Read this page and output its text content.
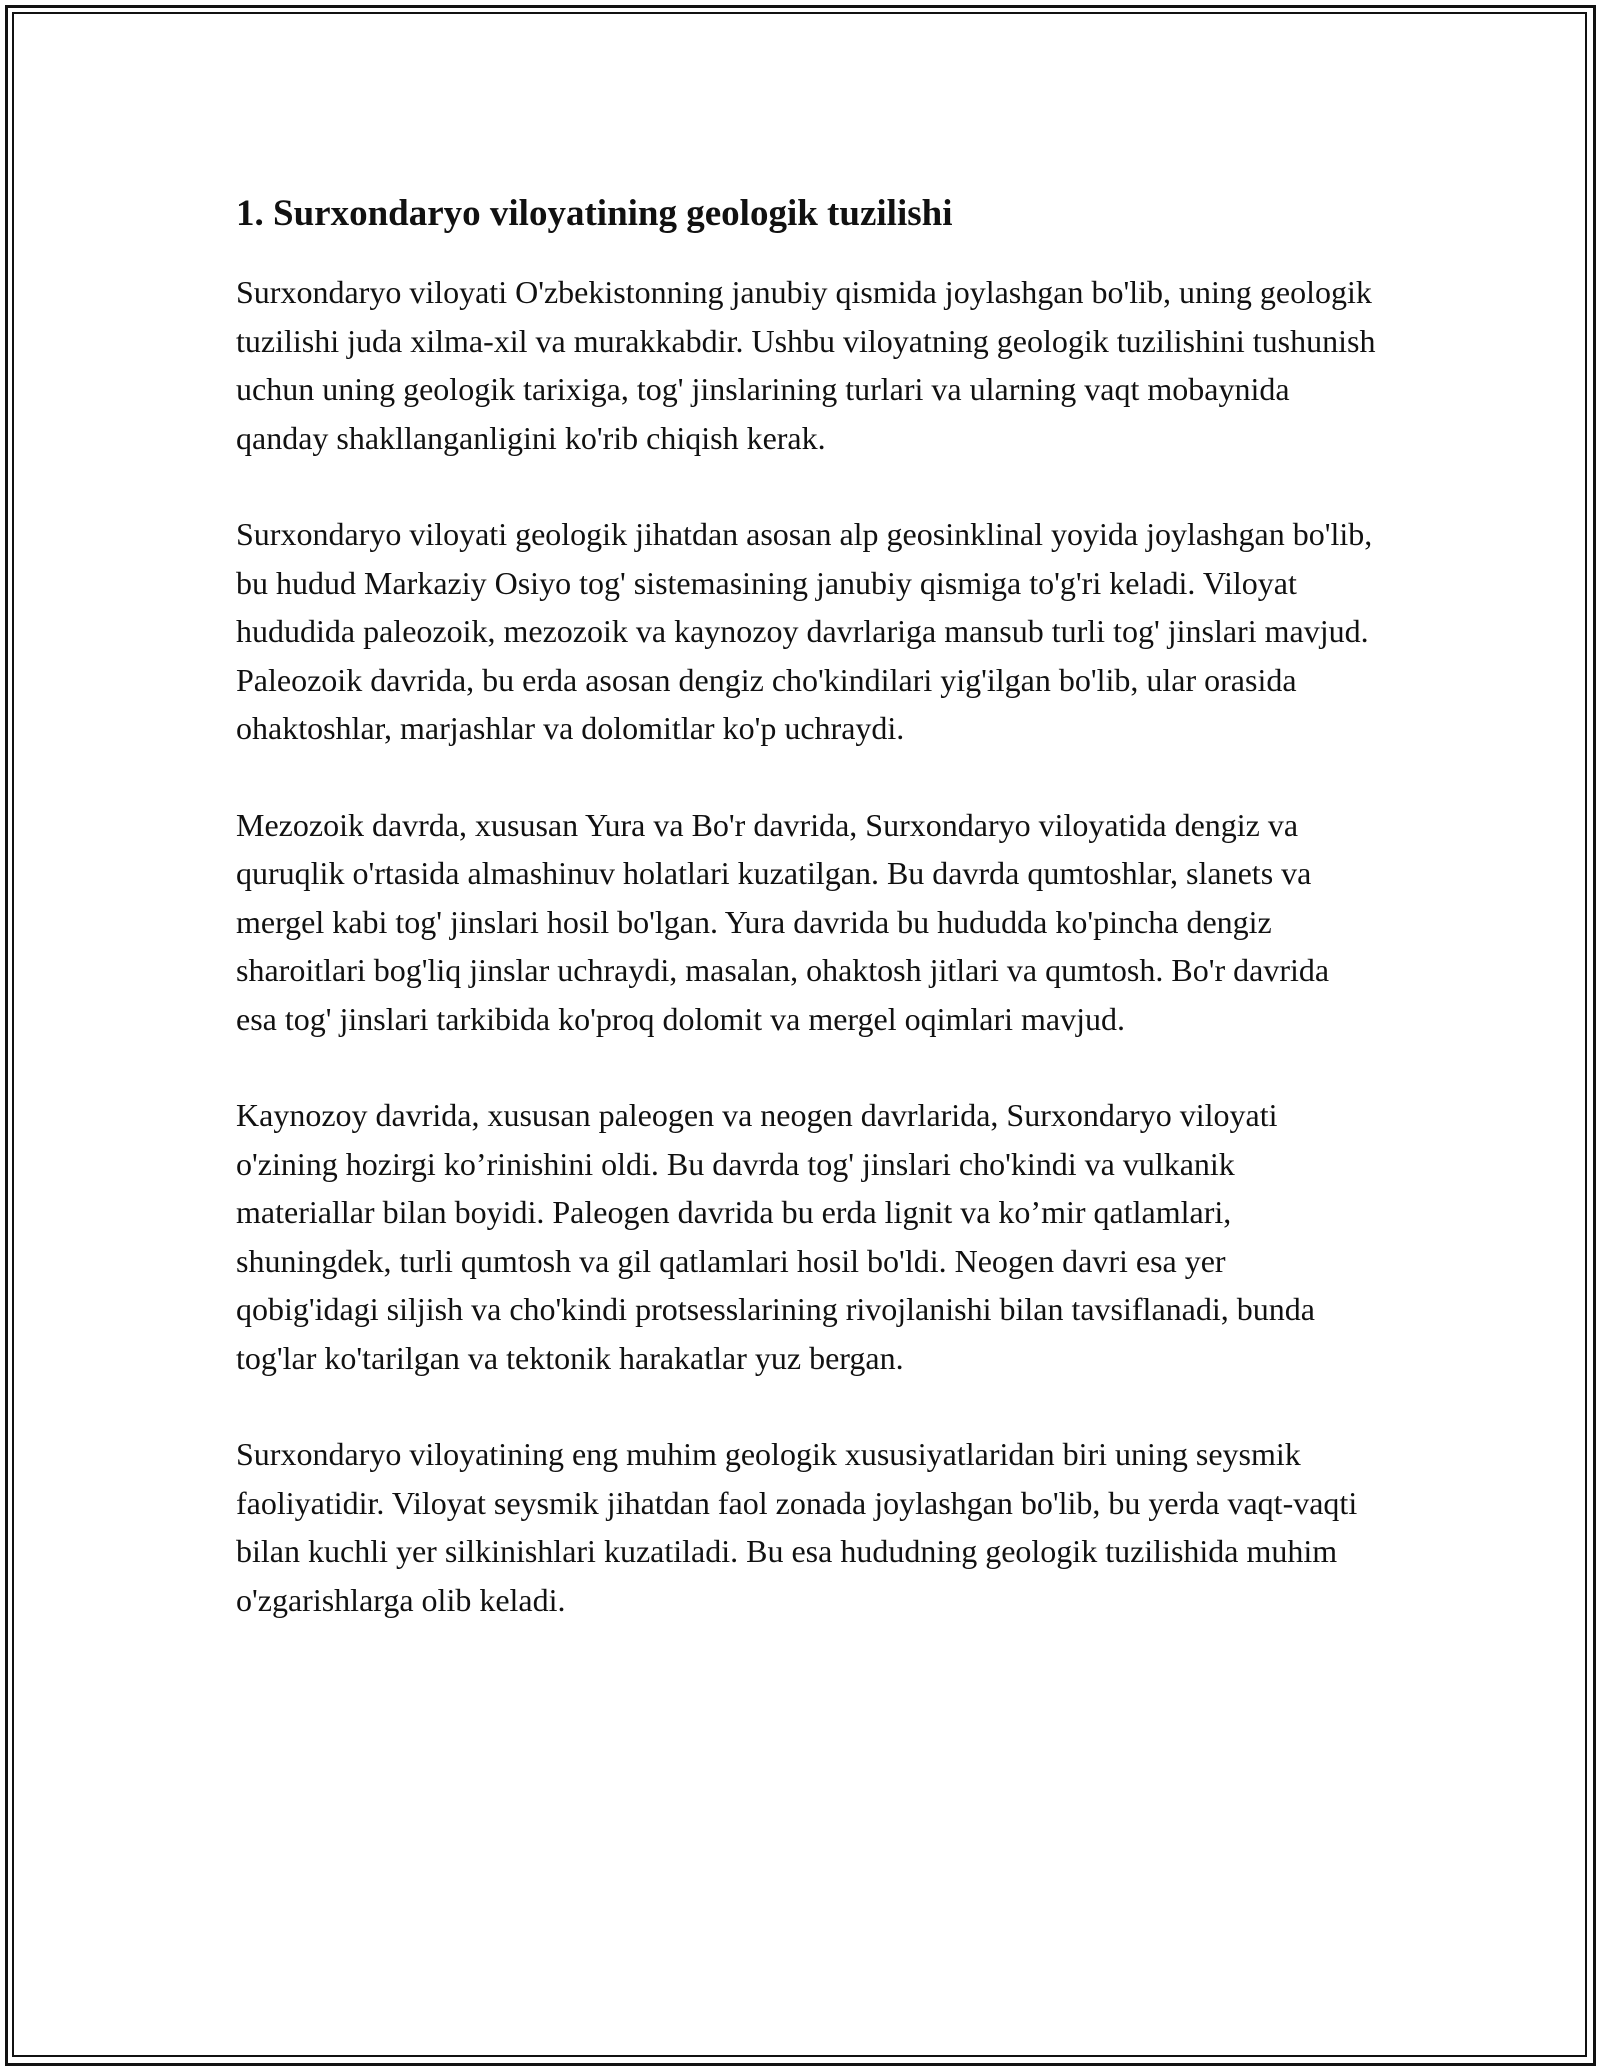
1. Surxondaryo viloyatining geologik tuzilishi

Surxondaryo viloyati O'zbekistonning janubiy qismida joylashgan bo'lib, uning geologik tuzilishi juda xilma-xil va murakkabdir. Ushbu viloyatning geologik tuzilishini tushunish uchun uning geologik tarixiga, tog' jinslarining turlari va ularning vaqt mobaynida qanday shakllanganligini ko'rib chiqish kerak.

Surxondaryo viloyati geologik jihatdan asosan alp geosinklinal yoyida joylashgan bo'lib, bu hudud Markaziy Osiyo tog' sistemasining janubiy qismiga to'g'ri keladi. Viloyat hududida paleozoik, mezozoik va kaynozoy davrlariga mansub turli tog' jinslari mavjud. Paleozoik davrida, bu erda asosan dengiz cho'kindilari yig'ilgan bo'lib, ular orasida ohaktoshlar, marjashlar va dolomitlar ko'p uchraydi.

Mezozoik davrda, xususan Yura va Bo'r davrida, Surxondaryo viloyatida dengiz va quruqlik o'rtasida almashinuv holatlari kuzatilgan. Bu davrda qumtoshlar, slanets va mergel kabi tog' jinslari hosil bo'lgan. Yura davrida bu hududda ko'pincha dengiz sharoitlari bog'liq jinslar uchraydi, masalan, ohaktosh jitlari va qumtosh. Bo'r davrida esa tog' jinslari tarkibida ko'proq dolomit va mergel oqimlari mavjud.

Kaynozoy davrida, xususan paleogen va neogen davrlarida, Surxondaryo viloyati o'zining hozirgi ko’rinishini oldi. Bu davrda tog' jinslari cho'kindi va vulkanik materiallar bilan boyidi. Paleogen davrida bu erda lignit va ko’mir qatlamlari, shuningdek, turli qumtosh va gil qatlamlari hosil bo'ldi. Neogen davri esa yer qobig'idagi siljish va cho'kindi protsesslarining rivojlanishi bilan tavsiflanadi, bunda tog'lar ko'tarilgan va tektonik harakatlar yuz bergan.

Surxondaryo viloyatining eng muhim geologik xususiyatlaridan biri uning seysmik faoliyatidir. Viloyat seysmik jihatdan faol zonada joylashgan bo'lib, bu yerda vaqt-vaqti bilan kuchli yer silkinishlari kuzatiladi. Bu esa hududning geologik tuzilishida muhim o'zgarishlarga olib keladi.
